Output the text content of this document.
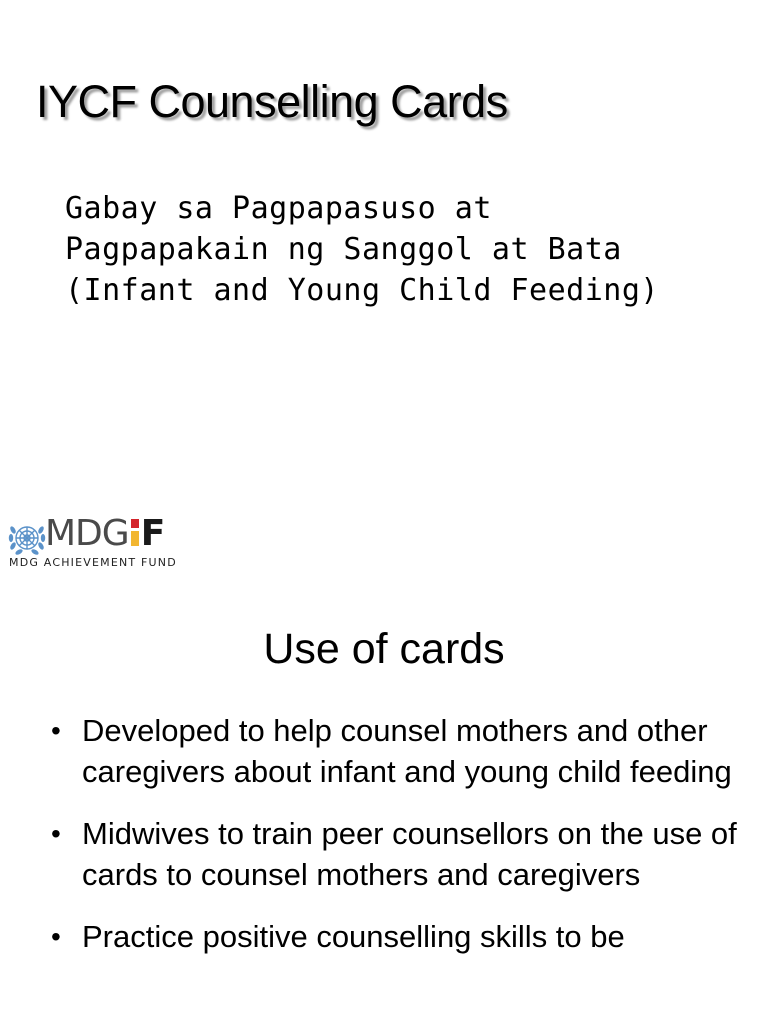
IYCF Counselling Cards

Gabay sa Pagpapasuso at
Pagpapakain ng Sanggol at Bata
(Infant and Young Child Feeding)

MDG F
MDG ACHIEVEMENT FUND
Use of cards
• Developed to help counsel mothers and other caregivers about infant and young child feeding
• Midwives to train peer counsellors on the use of cards to counsel mothers and caregivers
• Practice positive counselling skills to be
